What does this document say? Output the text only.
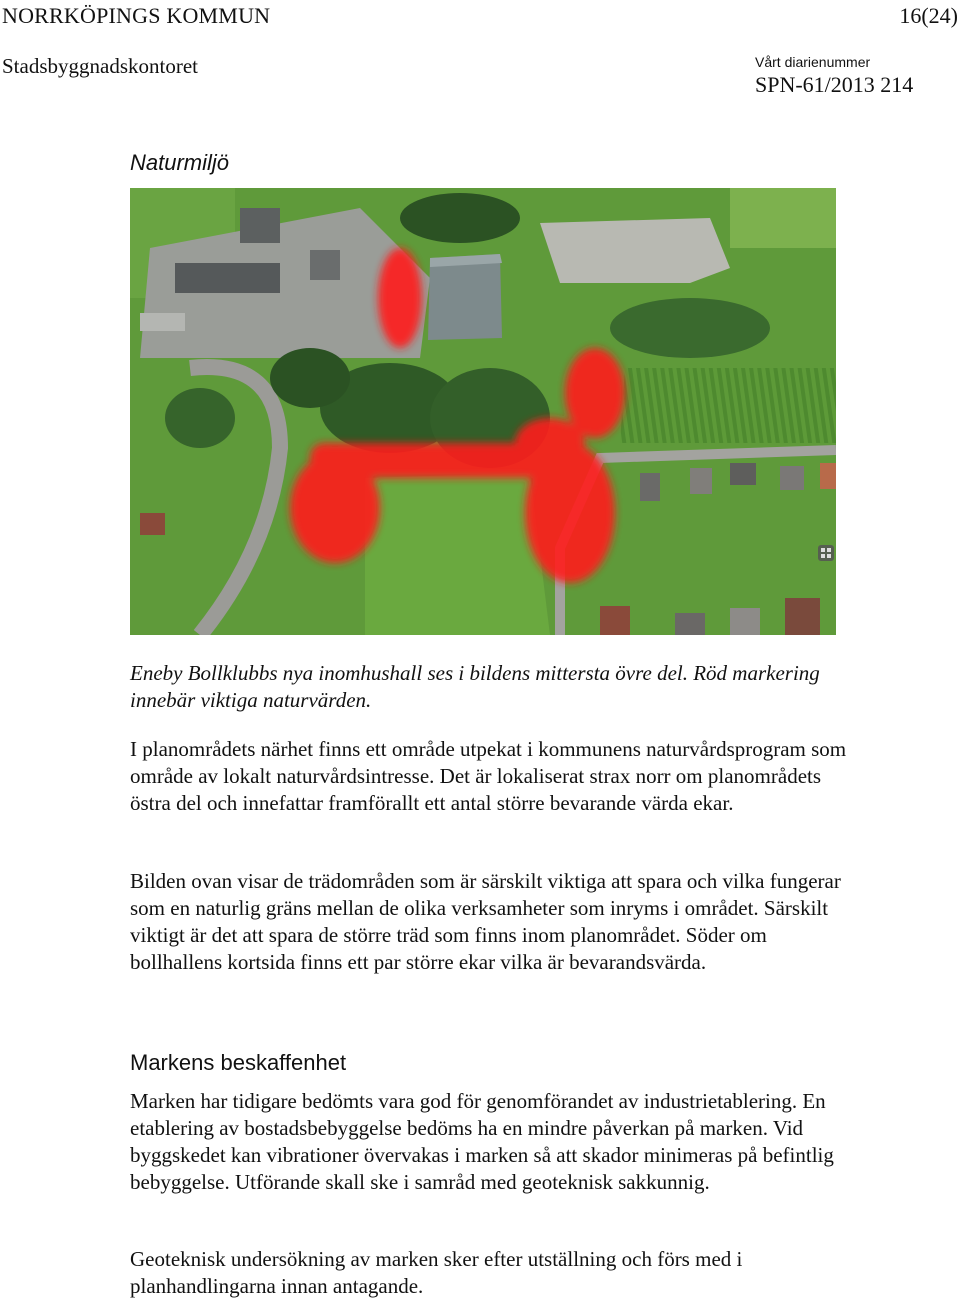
NORRKÖPINGS KOMMUN	16(24)
Stadsbyggnadskontoret	Vårt diarienummer
SPN-61/2013 214
Naturmiljö
Eneby Bollklubbs nya inomhushall ses i bildens mittersta övre del. Röd markering innebär viktiga naturvärden.
I planområdets närhet finns ett område utpekat i kommunens naturvårdsprogram som område av lokalt naturvårdsintresse. Det är lokaliserat strax norr om planområdets östra del och innefattar framförallt ett antal större bevarande värda ekar.
Bilden ovan visar de trädområden som är särskilt viktiga att spara och vilka fungerar som en naturlig gräns mellan de olika verksamheter som inryms i området. Särskilt viktigt är det att spara de större träd som finns inom planområdet. Söder om bollhallens kortsida finns ett par större ekar vilka är bevarandsvärda.
Markens beskaffenhet
Marken har tidigare bedömts vara god för genomförandet av industrietablering. En etablering av bostadsbebyggelse bedöms ha en mindre påverkan på marken. Vid byggskedet kan vibrationer övervakas i marken så att skador minimeras på befintlig bebyggelse. Utförande skall ske i samråd med geoteknisk sakkunnig.
Geoteknisk undersökning av marken sker efter utställning och förs med i planhandlingarna innan antagande.
